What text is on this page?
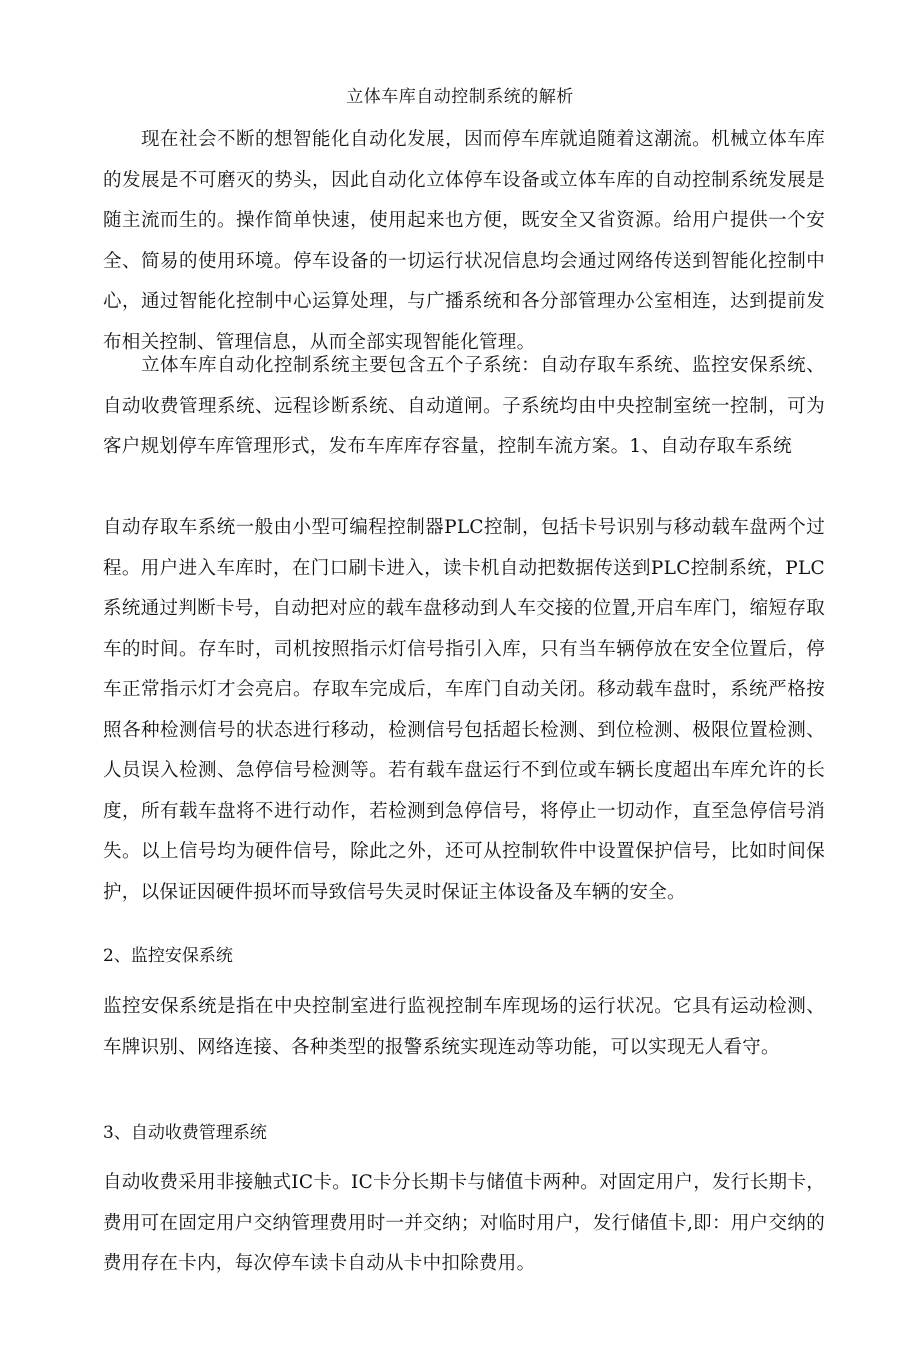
立体车库自动控制系统的解析

现在社会不断的想智能化自动化发展，因而停车库就追随着这潮流。机械立体车库的发展是不可磨灭的势头，因此自动化立体停车设备或立体车库的自动控制系统发展是随主流而生的。操作简单快速，使用起来也方便，既安全又省资源。给用户提供一个安全、简易的使用环境。停车设备的一切运行状况信息均会通过网络传送到智能化控制中心，通过智能化控制中心运算处理，与广播系统和各分部管理办公室相连，达到提前发布相关控制、管理信息，从而全部实现智能化管理。

立体车库自动化控制系统主要包含五个子系统：自动存取车系统、监控安保系统、自动收费管理系统、远程诊断系统、自动道闸。子系统均由中央控制室统一控制，可为客户规划停车库管理形式，发布车库库存容量，控制车流方案。1、自动存取车系统

自动存取车系统一般由小型可编程控制器PLC控制，包括卡号识别与移动载车盘两个过程。用户进入车库时，在门口刷卡进入，读卡机自动把数据传送到PLC控制系统，PLC系统通过判断卡号，自动把对应的载车盘移动到人车交接的位置,开启车库门，缩短存取车的时间。存车时，司机按照指示灯信号指引入库，只有当车辆停放在安全位置后，停车正常指示灯才会亮启。存取车完成后，车库门自动关闭。移动载车盘时，系统严格按照各种检测信号的状态进行移动，检测信号包括超长检测、到位检测、极限位置检测、人员误入检测、急停信号检测等。若有载车盘运行不到位或车辆长度超出车库允许的长度，所有载车盘将不进行动作，若检测到急停信号，将停止一切动作，直至急停信号消失。以上信号均为硬件信号，除此之外，还可从控制软件中设置保护信号，比如时间保护，以保证因硬件损坏而导致信号失灵时保证主体设备及车辆的安全。

2、监控安保系统

监控安保系统是指在中央控制室进行监视控制车库现场的运行状况。它具有运动检测、车牌识别、网络连接、各种类型的报警系统实现连动等功能，可以实现无人看守。

3、自动收费管理系统

自动收费采用非接触式IC卡。IC卡分长期卡与储值卡两种。对固定用户，发行长期卡，费用可在固定用户交纳管理费用时一并交纳；对临时用户，发行储值卡,即：用户交纳的费用存在卡内，每次停车读卡自动从卡中扣除费用。
